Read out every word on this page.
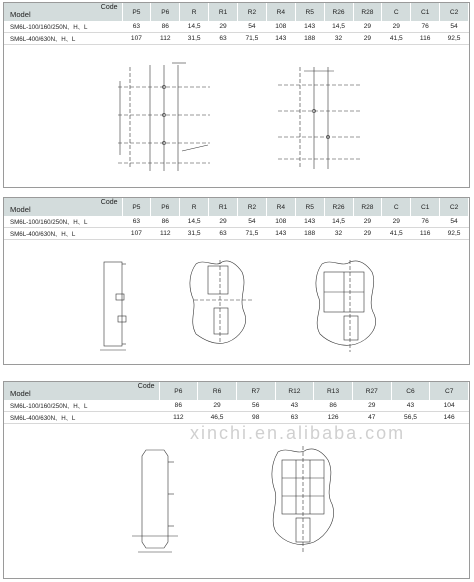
Code
Model	P5	P6	R	R1	R2	R4	R5	R26	R28	C	C1	C2
SM6L-100/160/250N、H、L	63	86	14,5	29	54	108	143	14,5	29	29	76	54
SM6L-400/630N、H、L	107	112	31,5	63	71,5	143	188	32	29	41,5	116	92,5
Code
Model	P5	P6	R	R1	R2	R4	R5	R26	R28	C	C1	C2
SM6L-100/160/250N、H、L	63	86	14,5	29	54	108	143	14,5	29	29	76	54
SM6L-400/630N、H、L	107	112	31,5	63	71,5	143	188	32	29	41,5	116	92,5
Code
Model	P6	R6	R7	R12	R13	R27	C6	C7
SM6L-100/160/250N、H、L	86	29	56	43	86	29	43	104
SM6L-400/630N、H、L	112	46,5	98	63	126	47	56,5	146
xinchi.en.alibaba.com
